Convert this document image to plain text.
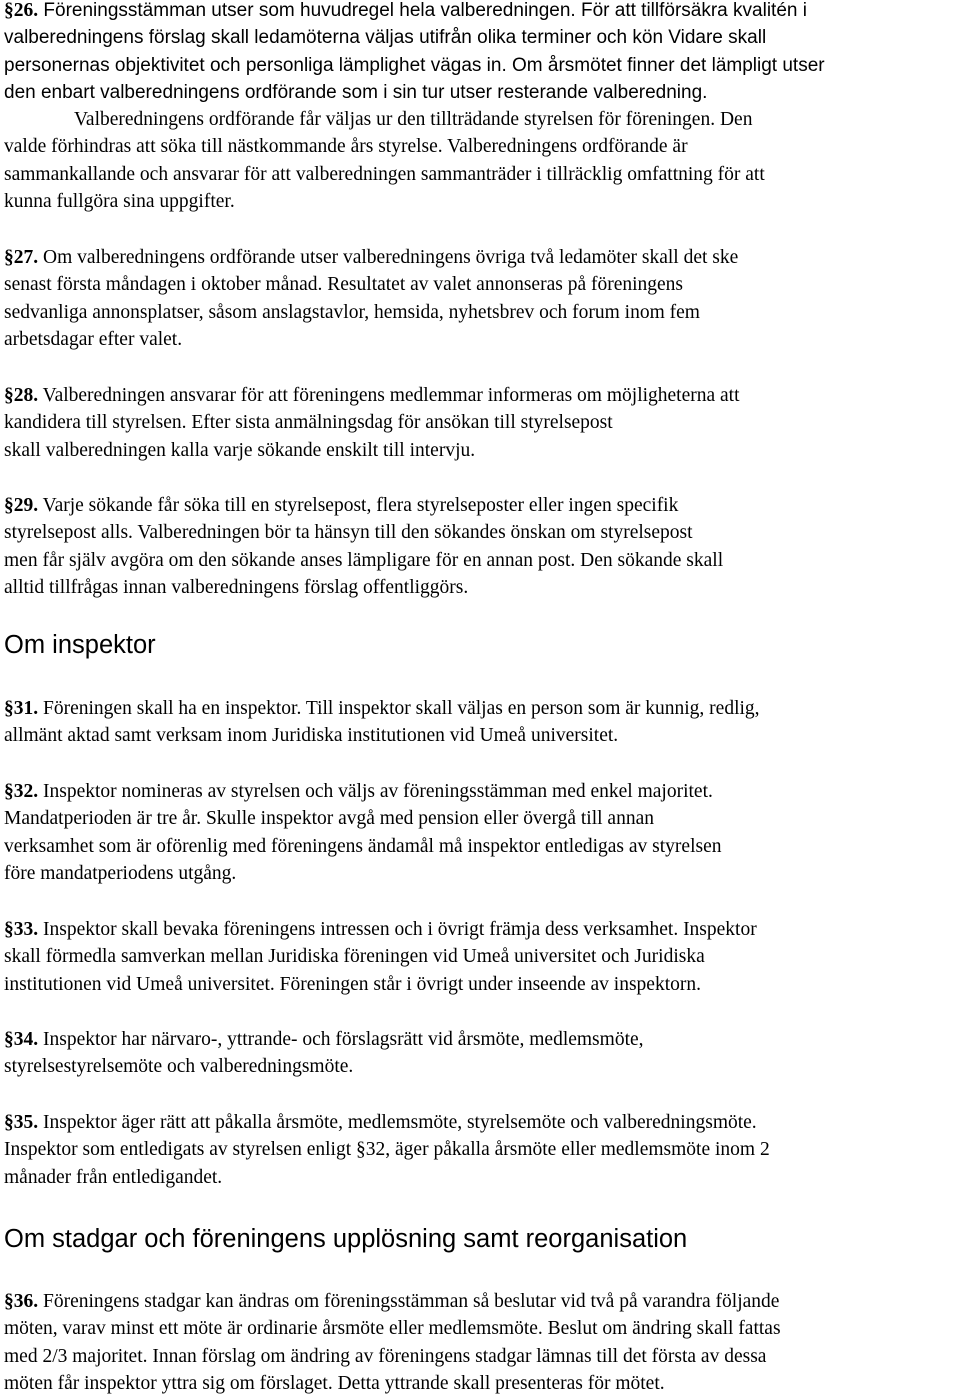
§26. Föreningsstämman utser som huvudregel hela valberedningen. För att tillförsäkra kvalitén i
valberedningens förslag skall ledamöterna väljas utifrån olika terminer och kön Vidare skall
personernas objektivitet och personliga lämplighet vägas in. Om årsmötet finner det lämpligt utser
den enbart valberedningens ordförande som i sin tur utser resterande valberedning.
Valberedningens ordförande får väljas ur den tillträdande styrelsen för föreningen. Den
valde förhindras att söka till nästkommande års styrelse. Valberedningens ordförande är
sammankallande och ansvarar för att valberedningen sammanträder i tillräcklig omfattning för att
kunna fullgöra sina uppgifter.
§27. Om valberedningens ordförande utser valberedningens övriga två ledamöter skall det ske
senast första måndagen i oktober månad. Resultatet av valet annonseras på föreningens
sedvanliga annonsplatser, såsom anslagstavlor, hemsida, nyhetsbrev och forum inom fem
arbetsdagar efter valet.
§28. Valberedningen ansvarar för att föreningens medlemmar informeras om möjligheterna att
kandidera till styrelsen. Efter sista anmälningsdag för ansökan till styrelsepost
skall valberedningen kalla varje sökande enskilt till intervju.
§29. Varje sökande får söka till en styrelsepost, flera styrelseposter eller ingen specifik
styrelsepost alls. Valberedningen bör ta hänsyn till den sökandes önskan om styrelsepost
men får själv avgöra om den sökande anses lämpligare för en annan post. Den sökande skall
alltid tillfrågas innan valberedningens förslag offentliggörs.
Om inspektor
§31. Föreningen skall ha en inspektor. Till inspektor skall väljas en person som är kunnig, redlig,
allmänt aktad samt verksam inom Juridiska institutionen vid Umeå universitet.
§32. Inspektor nomineras av styrelsen och väljs av föreningsstämman med enkel majoritet.
Mandatperioden är tre år. Skulle inspektor avgå med pension eller övergå till annan
verksamhet som är oförenlig med föreningens ändamål må inspektor entledigas av styrelsen
före mandatperiodens utgång.
§33. Inspektor skall bevaka föreningens intressen och i övrigt främja dess verksamhet. Inspektor
skall förmedla samverkan mellan Juridiska föreningen vid Umeå universitet och Juridiska
institutionen vid Umeå universitet. Föreningen står i övrigt under inseende av inspektorn.
§34. Inspektor har närvaro-, yttrande- och förslagsrätt vid årsmöte, medlemsmöte,
styrelsestyrelsemöte och valberedningsmöte.
§35. Inspektor äger rätt att påkalla årsmöte, medlemsmöte, styrelsemöte och valberedningsmöte.
Inspektor som entledigats av styrelsen enligt §32, äger påkalla årsmöte eller medlemsmöte inom 2
månader från entledigandet.
Om stadgar och föreningens upplösning samt reorganisation
§36. Föreningens stadgar kan ändras om föreningsstämman så beslutar vid två på varandra följande
möten, varav minst ett möte är ordinarie årsmöte eller medlemsmöte. Beslut om ändring skall fattas
med 2/3 majoritet. Innan förslag om ändring av föreningens stadgar lämnas till det första av dessa
möten får inspektor yttra sig om förslaget. Detta yttrande skall presenteras för mötet.
